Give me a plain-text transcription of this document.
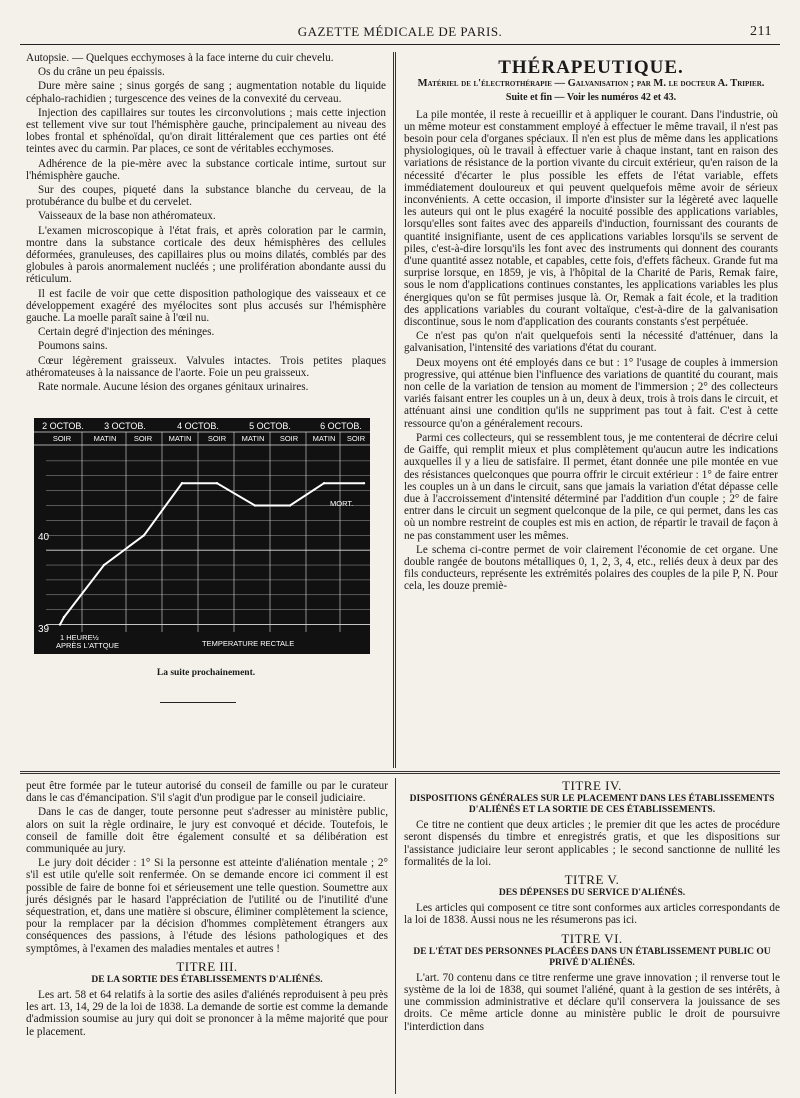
GAZETTE MÉDICALE DE PARIS.	211

Autopsie. — Quelques ecchymoses à la face interne du cuir chevelu.

Os du crâne un peu épaissis.

Dure mère saine ; sinus gorgés de sang ; augmentation notable du liquide céphalo-rachidien ; turgescence des veines de la convexité du cerveau.

Injection des capillaires sur toutes les circonvolutions ; mais cette injection est tellement vive sur tout l'hémisphère gauche, principalement au niveau des lobes frontal et sphénoïdal, qu'on dirait littéralement que ces parties ont été teintes avec du carmin. Par places, ce sont de véritables ecchymoses.

Adhérence de la pie-mère avec la substance corticale intime, surtout sur l'hémisphère gauche.

Sur des coupes, piqueté dans la substance blanche du cerveau, de la protubérance du bulbe et du cervelet.

Vaisseaux de la base non athéromateux.

L'examen microscopique à l'état frais, et après coloration par le carmin, montre dans la substance corticale des deux hémisphères des cellules déformées, granuleuses, des capillaires plus ou moins dilatés, comblés par des globules à parois anormalement nucléés ; une prolifération abondante aussi du réticulum.

Il est facile de voir que cette disposition pathologique des vaisseaux et ce développement exagéré des myélocites sont plus accusés sur l'hémisphère gauche. La moelle paraît saine à l'œil nu.

Certain degré d'injection des méninges.

Poumons sains.

Cœur légèrement graisseux. Valvules intactes. Trois petites plaques athéromateuses à la naissance de l'aorte. Foie un peu graisseux.

Rate normale. Aucune lésion des organes génitaux urinaires.

2 OCTOB. 3 OCTOB.	4 OCTOB.	5 OCTOB.	6 OCTOB.
SOIR	MATIN SOIR MATIN SOIR MATIN SOIR MATIN SOIR
40
39
MORT.
1 HEURE½
APRÈS L'ATTQUE	TEMPERATURE RECTALE
La suite prochainement.
THÉRAPEUTIQUE.
Matériel de l'électrothérapie — Galvanisation ; par M. le docteur A. Tripier.
Suite et fin — Voir les numéros 42 et 43.

La pile montée, il reste à recueillir et à appliquer le courant. Dans l'industrie, où un même moteur est constamment employé à effectuer le même travail, il n'est pas besoin pour cela d'organes spéciaux. Il n'en est plus de même dans les applications physiologiques, où le travail à effectuer varie à chaque instant, tant en raison des variations de résistance de la portion vivante du circuit extérieur, qu'en raison de la nécessité d'écarter le plus possible les effets de l'état variable, effets immédiatement douloureux et qui peuvent quelquefois même avoir de sérieux inconvénients. A cette occasion, il importe d'insister sur la légèreté avec laquelle les auteurs qui ont le plus exagéré la nocuité possible des applications variables, lorsqu'elles sont faites avec des appareils d'induction, fournissant des courants de quantité insignifiante, usent de ces applications variables lorsqu'ils se servent de piles, c'est-à-dire lorsqu'ils les font avec des instruments qui donnent des courants d'une quantité assez notable, et capables, cette fois, d'effets fâcheux. Grande fut ma surprise lorsque, en 1859, je vis, à l'hôpital de la Charité de Paris, Remak faire, sous le nom d'applications continues constantes, les applications variables les plus énergiques qu'on se fût permises jusque là. Or, Remak a fait école, et la tradition des applications variables du courant voltaïque, c'est-à-dire de la galvanisation discontinue, sous le nom d'application des courants constants s'est perpétuée.

Ce n'est pas qu'on n'ait quelquefois senti la nécessité d'atténuer, dans la galvanisation, l'intensité des variations d'état du courant.

Deux moyens ont été employés dans ce but : 1° l'usage de couples à immersion progressive, qui atténue bien l'influence des variations de quantité du courant, mais non celle de la variation de tension au moment de l'immersion ; 2° des collecteurs variés faisant entrer les couples un à un, deux à deux, trois à trois dans le circuit, et atténuant ainsi une condition qu'ils ne suppriment pas tout à fait. C'est à cette ressource qu'on a généralement recours.

Parmi ces collecteurs, qui se ressemblent tous, je me contenterai de décrire celui de Gaiffe, qui remplit mieux et plus complètement qu'aucun autre les indications auxquelles il y a lieu de satisfaire. Il permet, étant donnée une pile montée en vue des résistances quelconques que pourra offrir le circuit extérieur : 1° de faire entrer les couples un à un dans le circuit, sans que jamais la variation d'état dépasse celle due à l'accroissement d'intensité déterminé par l'addition d'un couple ; 2° de faire entrer dans le circuit un segment quelconque de la pile, ce qui permet, dans les cas où un nombre restreint de couples est mis en action, de répartir le travail de façon à ne pas constamment user les mêmes.

Le schema ci-contre permet de voir clairement l'économie de cet organe. Une double rangée de boutons métalliques 0, 1, 2, 3, 4, etc., reliés deux à deux par des fils conducteurs, représente les extrémités polaires des couples de la pile P, N. Pour cela, les douze premiè-

peut être formée par le tuteur autorisé du conseil de famille ou par le curateur dans le cas d'émancipation. S'il s'agit d'un prodigue par le conseil judiciaire.

Dans le cas de danger, toute personne peut s'adresser au ministère public, alors on suit la règle ordinaire, le jury est convoqué et décide. Toutefois, le conseil de famille doit être également consulté et sa délibération est communiquée au jury.

Le jury doit décider : 1° Si la personne est atteinte d'aliénation mentale ; 2° s'il est utile qu'elle soit renfermée. On se demande encore ici comment il est possible de faire de bonne foi et sérieusement une telle question. Soumettre aux jurés désignés par le hasard l'appréciation de l'utilité ou de l'inutilité d'une séquestration, et, dans une matière si obscure, éliminer complètement la science, pour la remplacer par la décision d'hommes complètement étrangers aux conséquences des passions, à l'étude des lésions pathologiques et des symptômes, à l'examen des maladies mentales et autres !

TITRE III.
DE LA SORTIE DES ÉTABLISSEMENTS D'ALIÉNÉS.

Les art. 58 et 64 relatifs à la sortie des asiles d'aliénés reproduisent à peu près les art. 13, 14, 29 de la loi de 1838. La demande de sortie est comme la demande d'admission soumise au jury qui doit se prononcer à la même majorité que pour le placement.

TITRE IV.
DISPOSITIONS GÉNÉRALES SUR LE PLACEMENT DANS LES ÉTABLISSEMENTS D'ALIÉNÉS ET LA SORTIE DE CES ÉTABLISSEMENTS.

Ce titre ne contient que deux articles ; le premier dit que les actes de procédure seront dispensés du timbre et enregistrés gratis, et que les dispositions sur l'assistance judiciaire leur seront applicables ; le second sanctionne de nullité les formalités de la loi.

TITRE V.
DES DÉPENSES DU SERVICE D'ALIÉNÉS.

Les articles qui composent ce titre sont conformes aux articles correspondants de la loi de 1838. Aussi nous ne les résumerons pas ici.

TITRE VI.
DE L'ÉTAT DES PERSONNES PLACÉES DANS UN ÉTABLISSEMENT PUBLIC OU PRIVÉ D'ALIÉNÉS.

L'art. 70 contenu dans ce titre renferme une grave innovation ; il renverse tout le système de la loi de 1838, qui soumet l'aliéné, quant à la gestion de ses intérêts, à une commission administrative et déclare qu'il conservera la jouissance de ses droits. Ce même article donne au ministère public le droit de poursuivre l'interdiction dans
